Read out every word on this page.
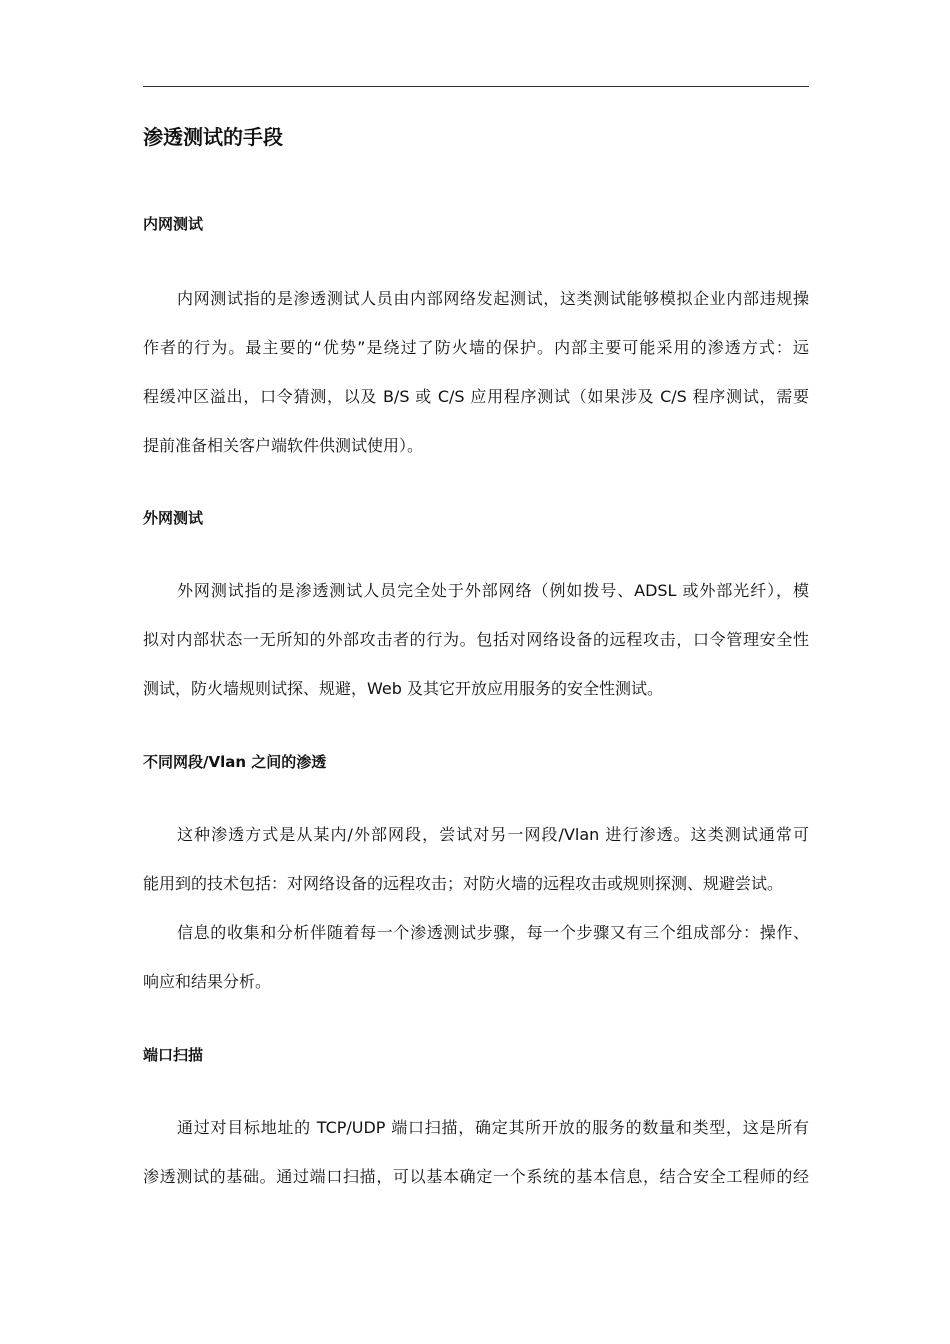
渗透测试的手段
内网测试
内网测试指的是渗透测试人员由内部网络发起测试，这类测试能够模拟企业内部违规操
作者的行为。最主要的“优势”是绕过了防火墙的保护。内部主要可能采用的渗透方式：远
程缓冲区溢出，口令猜测，以及 B/S 或 C/S 应用程序测试（如果涉及 C/S 程序测试，需要
提前准备相关客户端软件供测试使用）。
外网测试
外网测试指的是渗透测试人员完全处于外部网络（例如拨号、ADSL 或外部光纤），模
拟对内部状态一无所知的外部攻击者的行为。包括对网络设备的远程攻击，口令管理安全性
测试，防火墙规则试探、规避，Web 及其它开放应用服务的安全性测试。
不同网段/Vlan 之间的渗透
这种渗透方式是从某内/外部网段，尝试对另一网段/Vlan 进行渗透。这类测试通常可
能用到的技术包括：对网络设备的远程攻击；对防火墙的远程攻击或规则探测、规避尝试。
信息的收集和分析伴随着每一个渗透测试步骤，每一个步骤又有三个组成部分：操作、
响应和结果分析。
端口扫描
通过对目标地址的 TCP/UDP 端口扫描，确定其所开放的服务的数量和类型，这是所有
渗透测试的基础。通过端口扫描，可以基本确定一个系统的基本信息，结合安全工程师的经
